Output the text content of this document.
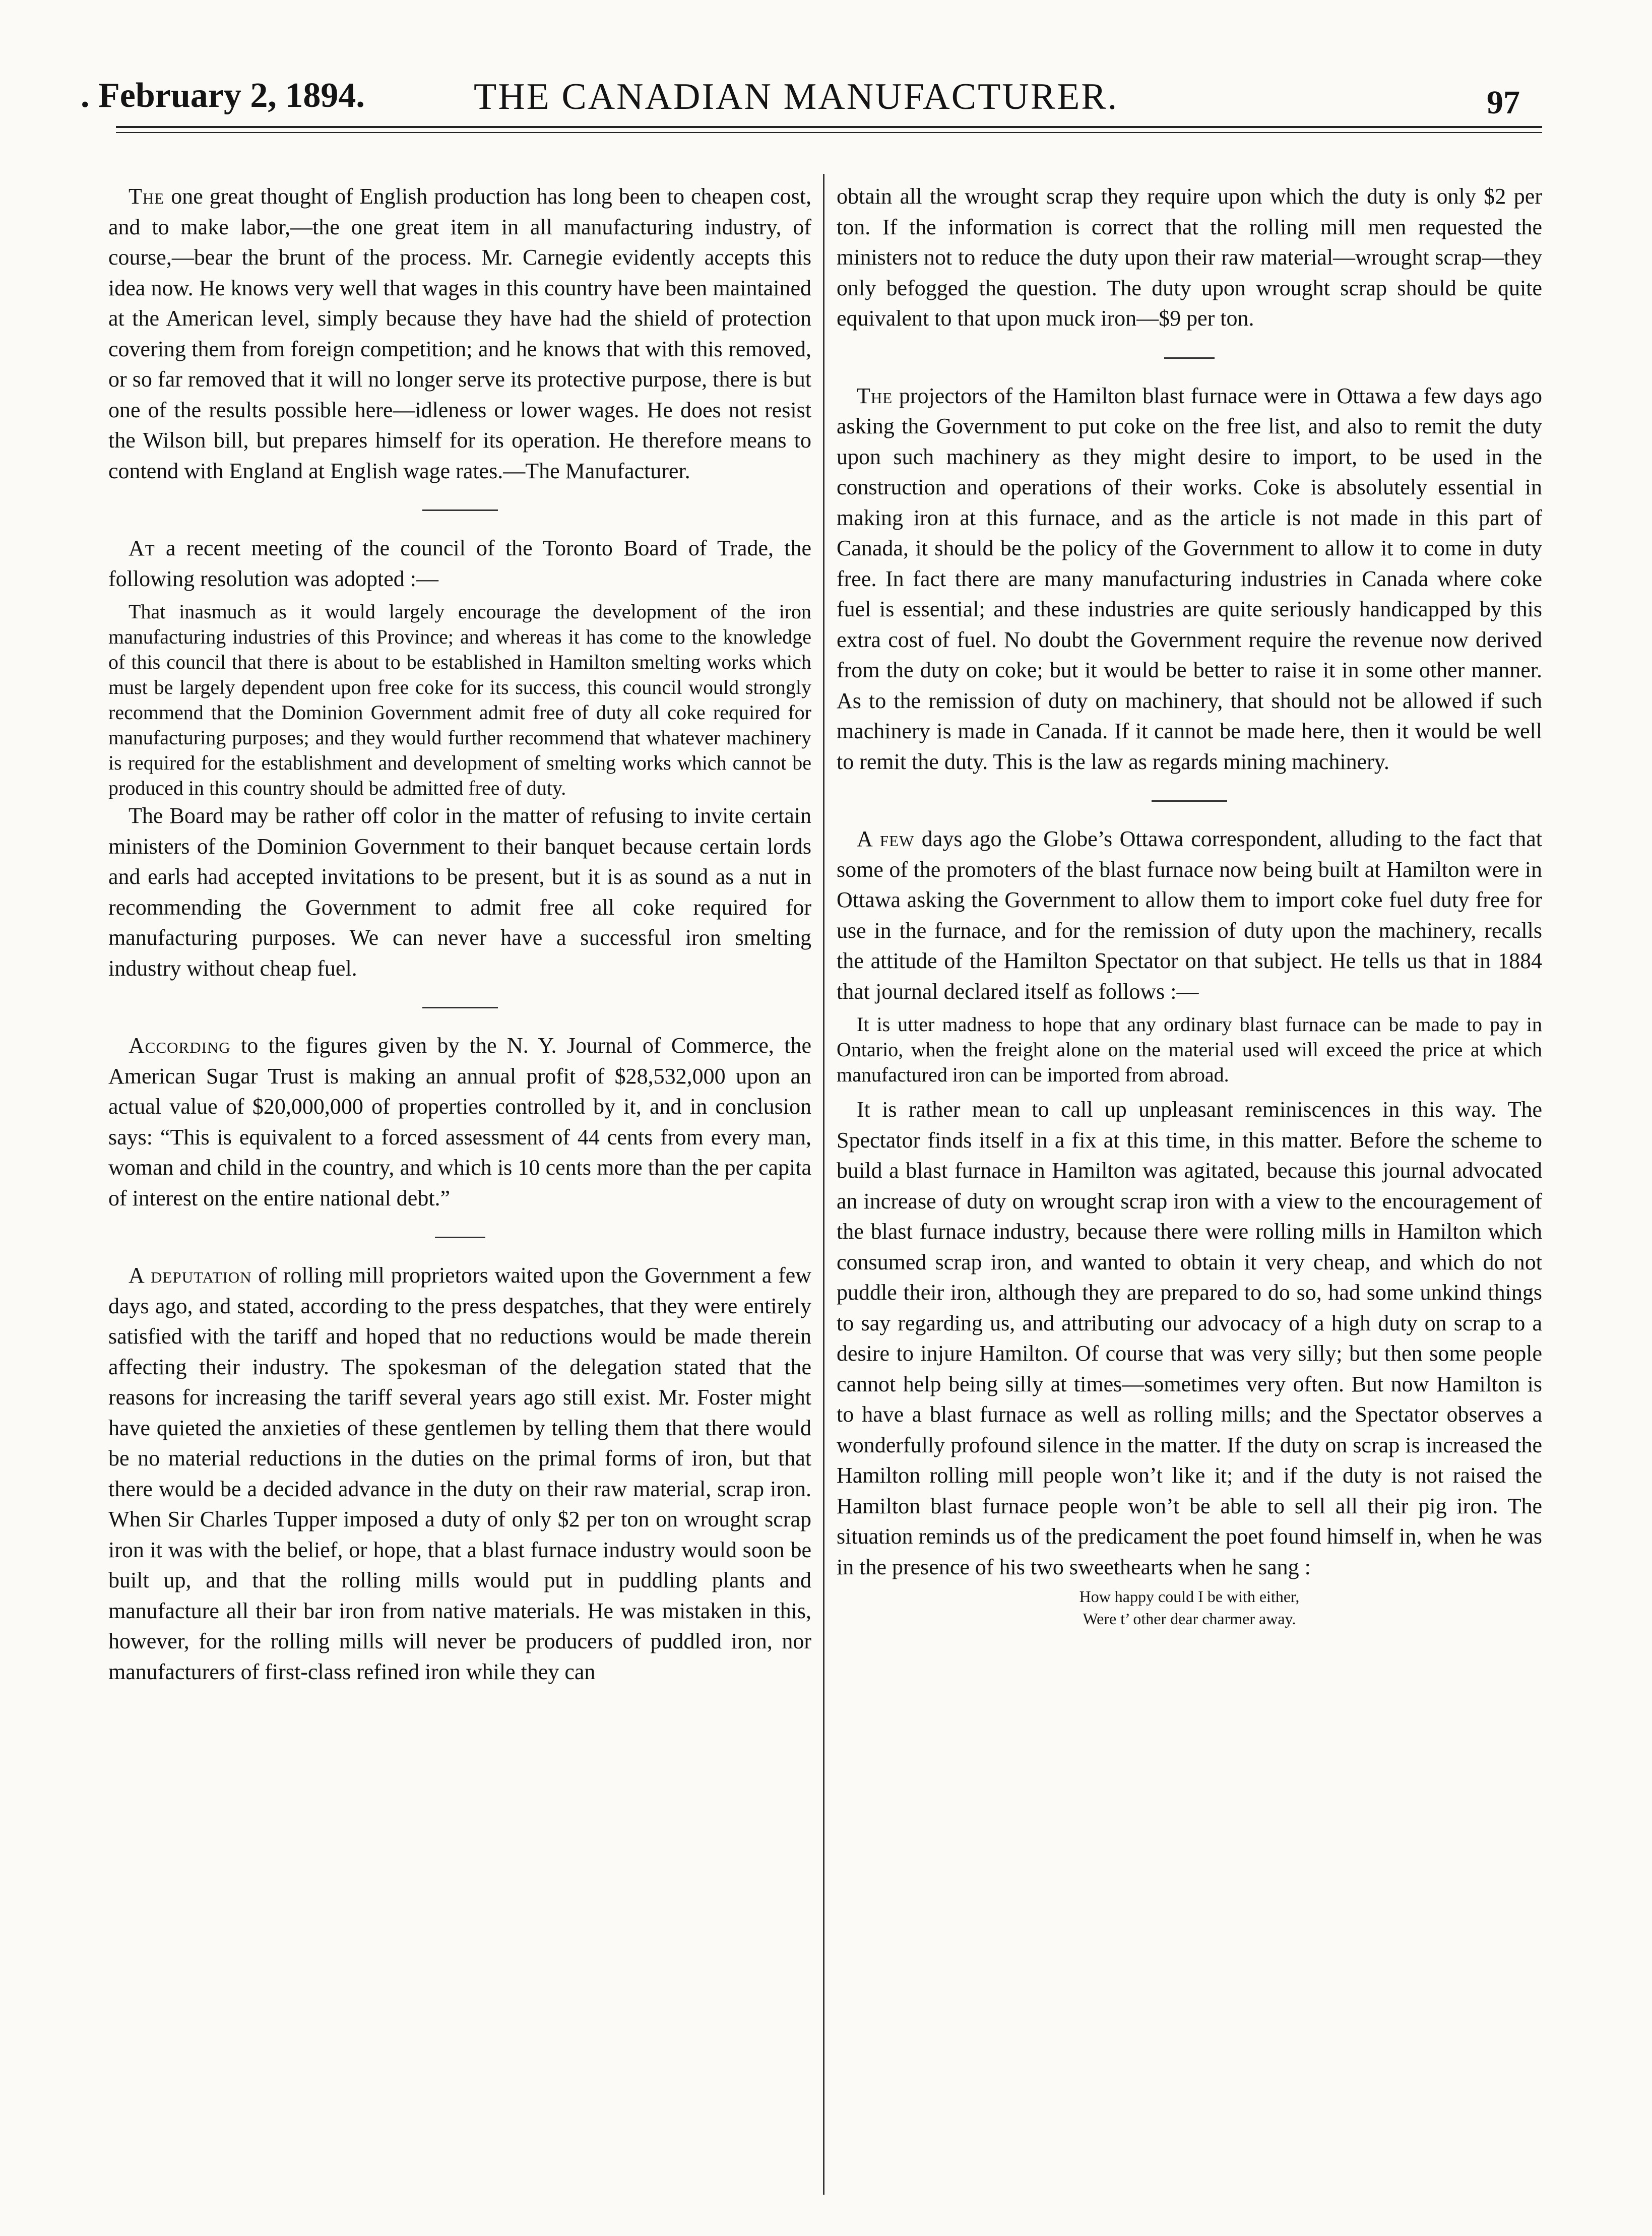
. February 2, 1894.	THE CANADIAN MANUFACTURER.	97

The one great thought of English production has long been to cheapen cost, and to make labor,—the one great item in all manufacturing industry, of course,—bear the brunt of the process. Mr. Carnegie evidently accepts this idea now. He knows very well that wages in this country have been maintained at the American level, simply because they have had the shield of protection covering them from foreign competition; and he knows that with this removed, or so far removed that it will no longer serve its protective purpose, there is but one of the results possible here—idleness or lower wages. He does not resist the Wilson bill, but prepares himself for its operation. He therefore means to contend with England at English wage rates.—The Manufacturer.

At a recent meeting of the council of the Toronto Board of Trade, the following resolution was adopted :—

That inasmuch as it would largely encourage the development of the iron manufacturing industries of this Province; and whereas it has come to the knowledge of this council that there is about to be established in Hamilton smelting works which must be largely dependent upon free coke for its success, this council would strongly recommend that the Dominion Government admit free of duty all coke required for manufacturing purposes; and they would further recommend that whatever machinery is required for the establishment and development of smelting works which cannot be produced in this country should be admitted free of duty.

The Board may be rather off color in the matter of refusing to invite certain ministers of the Dominion Government to their banquet because certain lords and earls had accepted invitations to be present, but it is as sound as a nut in recommending the Government to admit free all coke required for manufacturing purposes. We can never have a successful iron smelting industry without cheap fuel.

According to the figures given by the N. Y. Journal of Commerce, the American Sugar Trust is making an annual profit of $28,532,000 upon an actual value of $20,000,000 of properties controlled by it, and in conclusion says: “This is equivalent to a forced assessment of 44 cents from every man, woman and child in the country, and which is 10 cents more than the per capita of interest on the entire national debt.”

A deputation of rolling mill proprietors waited upon the Government a few days ago, and stated, according to the press despatches, that they were entirely satisfied with the tariff and hoped that no reductions would be made therein affecting their industry. The spokesman of the delegation stated that the reasons for increasing the tariff several years ago still exist. Mr. Foster might have quieted the anxieties of these gentlemen by telling them that there would be no material reductions in the duties on the primal forms of iron, but that there would be a decided advance in the duty on their raw material, scrap iron. When Sir Charles Tupper imposed a duty of only $2 per ton on wrought scrap iron it was with the belief, or hope, that a blast furnace industry would soon be built up, and that the rolling mills would put in puddling plants and manufacture all their bar iron from native materials. He was mistaken in this, however, for the rolling mills will never be producers of puddled iron, nor manufacturers of first-class refined iron while they can

obtain all the wrought scrap they require upon which the duty is only $2 per ton. If the information is correct that the rolling mill men requested the ministers not to reduce the duty upon their raw material—wrought scrap—they only befogged the question. The duty upon wrought scrap should be quite equivalent to that upon muck iron—$9 per ton.

The projectors of the Hamilton blast furnace were in Ottawa a few days ago asking the Government to put coke on the free list, and also to remit the duty upon such machinery as they might desire to import, to be used in the construction and operations of their works. Coke is absolutely essential in making iron at this furnace, and as the article is not made in this part of Canada, it should be the policy of the Government to allow it to come in duty free. In fact there are many manufacturing industries in Canada where coke fuel is essential; and these industries are quite seriously handicapped by this extra cost of fuel. No doubt the Government require the revenue now derived from the duty on coke; but it would be better to raise it in some other manner. As to the remission of duty on machinery, that should not be allowed if such machinery is made in Canada. If it cannot be made here, then it would be well to remit the duty. This is the law as regards mining machinery.

A few days ago the Globe’s Ottawa correspondent, alluding to the fact that some of the promoters of the blast furnace now being built at Hamilton were in Ottawa asking the Government to allow them to import coke fuel duty free for use in the furnace, and for the remission of duty upon the machinery, recalls the attitude of the Hamilton Spectator on that subject. He tells us that in 1884 that journal declared itself as follows :—

It is utter madness to hope that any ordinary blast furnace can be made to pay in Ontario, when the freight alone on the material used will exceed the price at which manufactured iron can be imported from abroad.

It is rather mean to call up unpleasant reminiscences in this way. The Spectator finds itself in a fix at this time, in this matter. Before the scheme to build a blast furnace in Hamilton was agitated, because this journal advocated an increase of duty on wrought scrap iron with a view to the encouragement of the blast furnace industry, because there were rolling mills in Hamilton which consumed scrap iron, and wanted to obtain it very cheap, and which do not puddle their iron, although they are prepared to do so, had some unkind things to say regarding us, and attributing our advocacy of a high duty on scrap to a desire to injure Hamilton. Of course that was very silly; but then some people cannot help being silly at times—sometimes very often. But now Hamilton is to have a blast furnace as well as rolling mills; and the Spectator observes a wonderfully profound silence in the matter. If the duty on scrap is increased the Hamilton rolling mill people won’t like it; and if the duty is not raised the Hamilton blast furnace people won’t be able to sell all their pig iron. The situation reminds us of the predicament the poet found himself in, when he was in the presence of his two sweethearts when he sang :

How happy could I be with either,
Were t’ other dear charmer away.
